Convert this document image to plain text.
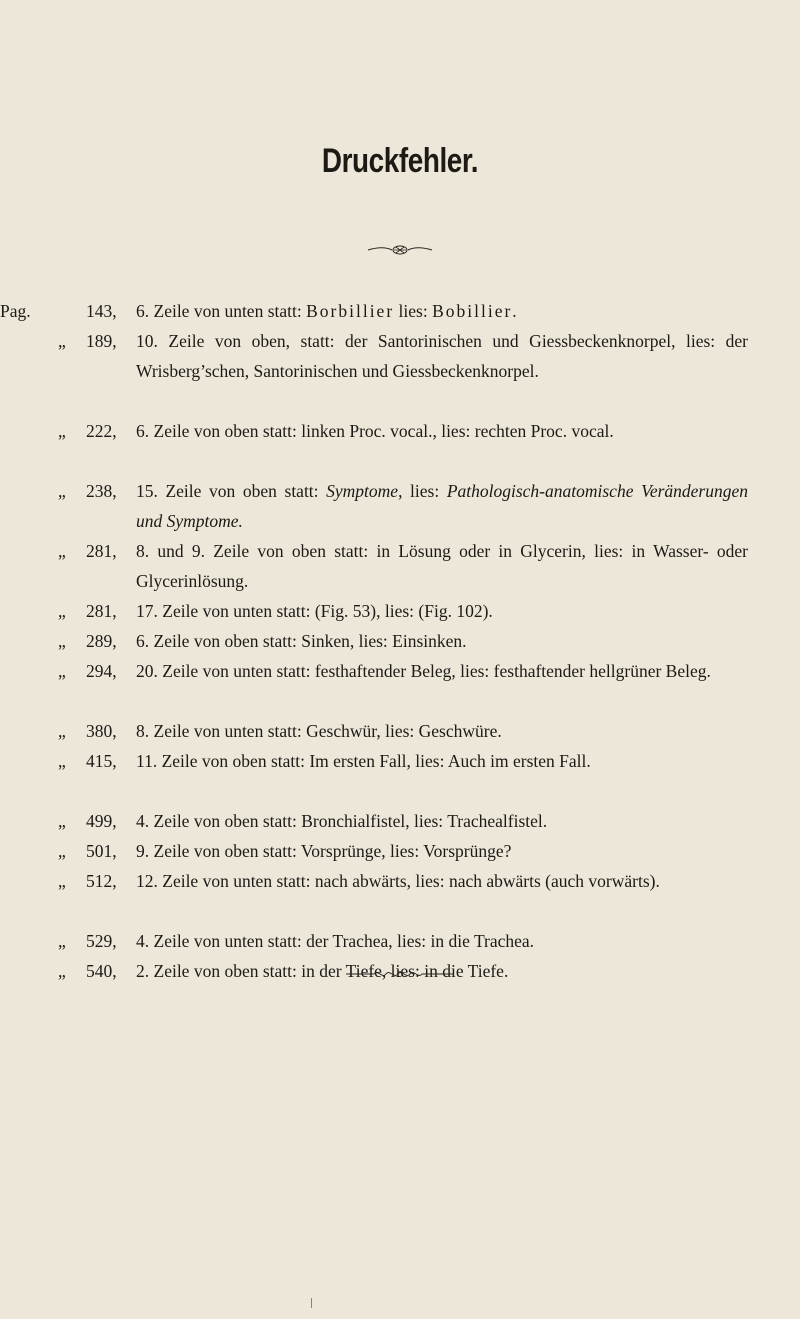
Druckfehler.
Pag.	143, 6. Zeile von unten statt: Borbillier lies: Bobillier.
„ 189, 10. Zeile von oben, statt: der Santorinischen und Giessbeckenknorpel, lies: der Wrisberg’schen, Santorinischen und Giessbeckenknorpel.
„ 222, 6. Zeile von oben statt: linken Proc. vocal., lies: rechten Proc. vocal.
„ 238, 15. Zeile von oben statt: Symptome, lies: Pathologisch-anatomische Veränderungen und Symptome.
„ 281, 8. und 9. Zeile von oben statt: in Lösung oder in Glycerin, lies: in Wasser- oder Glycerinlösung.
„ 281, 17. Zeile von unten statt: (Fig. 53), lies: (Fig. 102).
„ 289, 6. Zeile von oben statt: Sinken, lies: Einsinken.
„ 294, 20. Zeile von unten statt: festhaftender Beleg, lies: festhaftender hellgrüner Beleg.
„ 380, 8. Zeile von unten statt: Geschwür, lies: Geschwüre.
„ 415, 11. Zeile von oben statt: Im ersten Fall, lies: Auch im ersten Fall.
„ 499, 4. Zeile von oben statt: Bronchialfistel, lies: Trachealfistel.
„ 501, 9. Zeile von oben statt: Vorsprünge, lies: Vorsprünge?
„ 512, 12. Zeile von unten statt: nach abwärts, lies: nach abwärts (auch vorwärts).
„ 529, 4. Zeile von unten statt: der Trachea, lies: in die Trachea.
„ 540, 2. Zeile von oben statt: in der Tiefe, lies: in die Tiefe.
